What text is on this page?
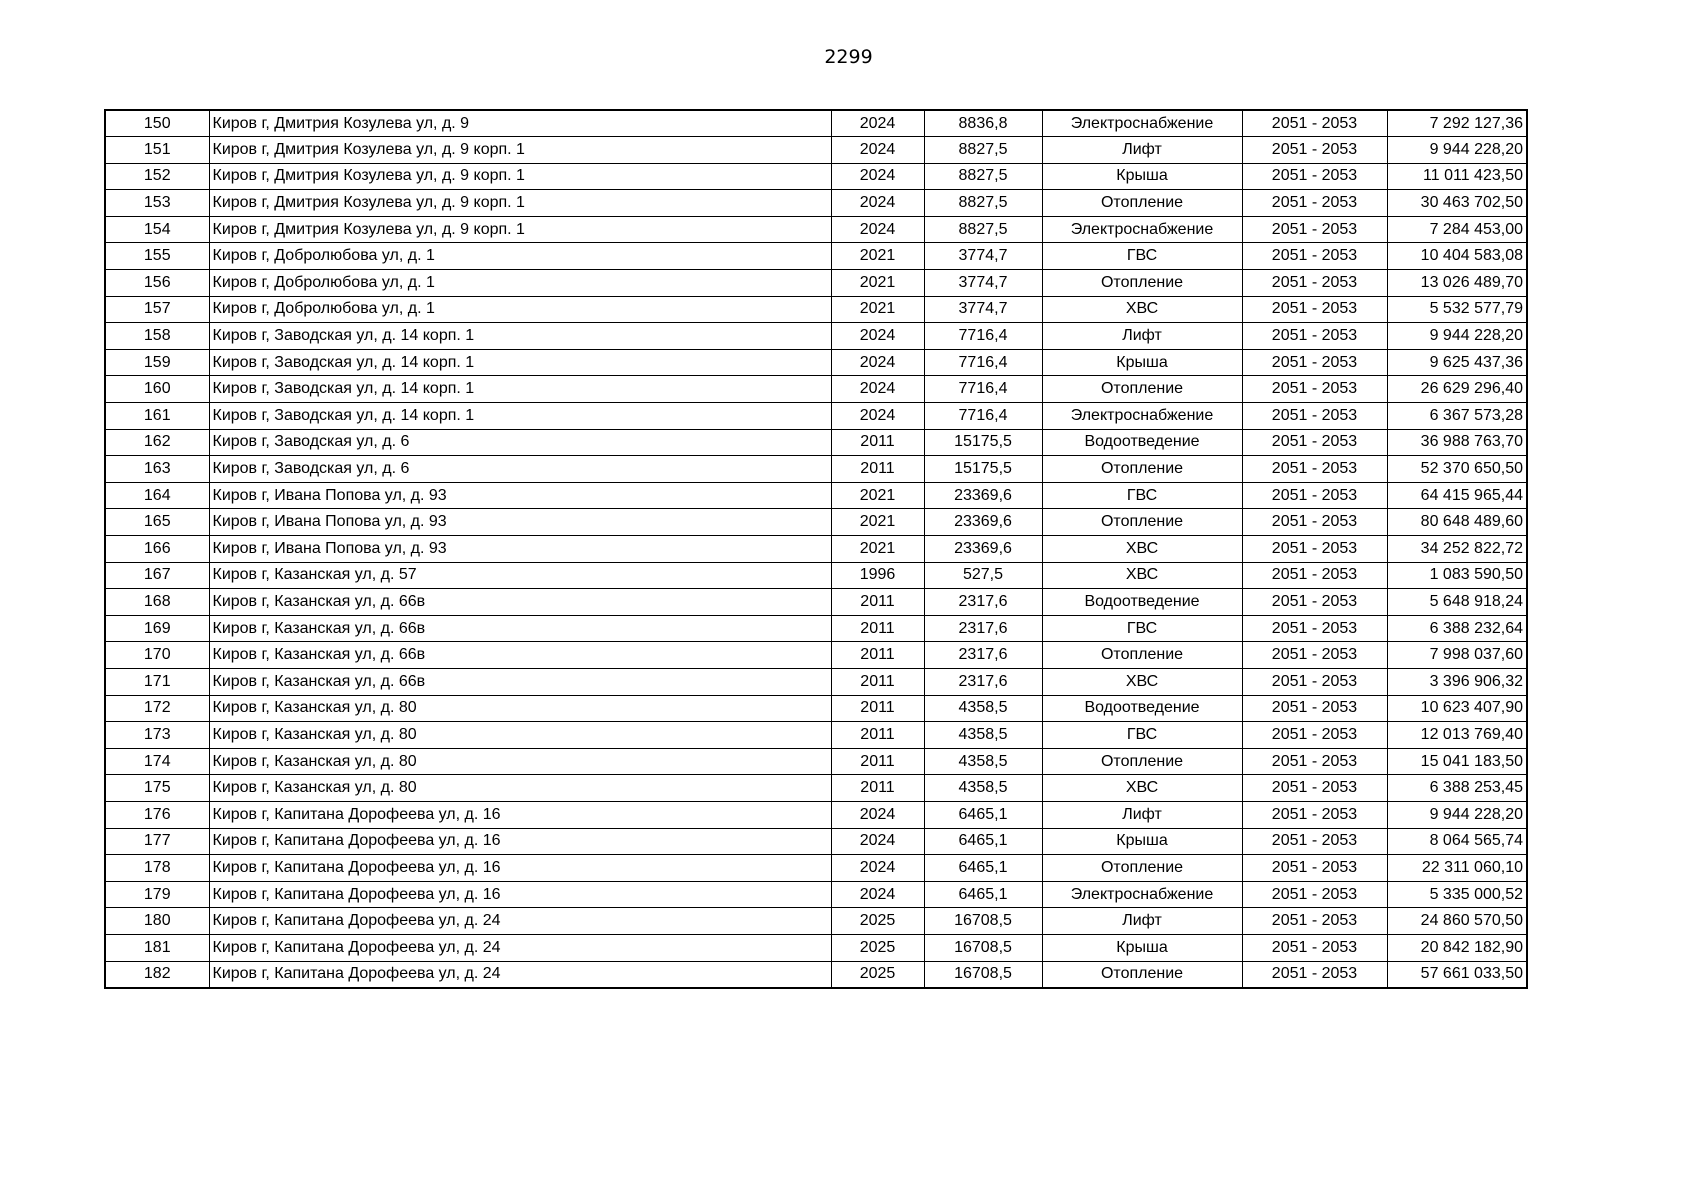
2299
150	Киров г, Дмитрия Козулева ул, д. 9	2024	8836,8	Электроснабжение	2051 - 2053	7 292 127,36
151	Киров г, Дмитрия Козулева ул, д. 9 корп. 1	2024	8827,5	Лифт	2051 - 2053	9 944 228,20
152	Киров г, Дмитрия Козулева ул, д. 9 корп. 1	2024	8827,5	Крыша	2051 - 2053	11 011 423,50
153	Киров г, Дмитрия Козулева ул, д. 9 корп. 1	2024	8827,5	Отопление	2051 - 2053	30 463 702,50
154	Киров г, Дмитрия Козулева ул, д. 9 корп. 1	2024	8827,5	Электроснабжение	2051 - 2053	7 284 453,00
155	Киров г, Добролюбова ул, д. 1	2021	3774,7	ГВС	2051 - 2053	10 404 583,08
156	Киров г, Добролюбова ул, д. 1	2021	3774,7	Отопление	2051 - 2053	13 026 489,70
157	Киров г, Добролюбова ул, д. 1	2021	3774,7	ХВС	2051 - 2053	5 532 577,79
158	Киров г, Заводская ул, д. 14 корп. 1	2024	7716,4	Лифт	2051 - 2053	9 944 228,20
159	Киров г, Заводская ул, д. 14 корп. 1	2024	7716,4	Крыша	2051 - 2053	9 625 437,36
160	Киров г, Заводская ул, д. 14 корп. 1	2024	7716,4	Отопление	2051 - 2053	26 629 296,40
161	Киров г, Заводская ул, д. 14 корп. 1	2024	7716,4	Электроснабжение	2051 - 2053	6 367 573,28
162	Киров г, Заводская ул, д. 6	2011	15175,5	Водоотведение	2051 - 2053	36 988 763,70
163	Киров г, Заводская ул, д. 6	2011	15175,5	Отопление	2051 - 2053	52 370 650,50
164	Киров г, Ивана Попова ул, д. 93	2021	23369,6	ГВС	2051 - 2053	64 415 965,44
165	Киров г, Ивана Попова ул, д. 93	2021	23369,6	Отопление	2051 - 2053	80 648 489,60
166	Киров г, Ивана Попова ул, д. 93	2021	23369,6	ХВС	2051 - 2053	34 252 822,72
167	Киров г, Казанская ул, д. 57	1996	527,5	ХВС	2051 - 2053	1 083 590,50
168	Киров г, Казанская ул, д. 66в	2011	2317,6	Водоотведение	2051 - 2053	5 648 918,24
169	Киров г, Казанская ул, д. 66в	2011	2317,6	ГВС	2051 - 2053	6 388 232,64
170	Киров г, Казанская ул, д. 66в	2011	2317,6	Отопление	2051 - 2053	7 998 037,60
171	Киров г, Казанская ул, д. 66в	2011	2317,6	ХВС	2051 - 2053	3 396 906,32
172	Киров г, Казанская ул, д. 80	2011	4358,5	Водоотведение	2051 - 2053	10 623 407,90
173	Киров г, Казанская ул, д. 80	2011	4358,5	ГВС	2051 - 2053	12 013 769,40
174	Киров г, Казанская ул, д. 80	2011	4358,5	Отопление	2051 - 2053	15 041 183,50
175	Киров г, Казанская ул, д. 80	2011	4358,5	ХВС	2051 - 2053	6 388 253,45
176	Киров г, Капитана Дорофеева ул, д. 16	2024	6465,1	Лифт	2051 - 2053	9 944 228,20
177	Киров г, Капитана Дорофеева ул, д. 16	2024	6465,1	Крыша	2051 - 2053	8 064 565,74
178	Киров г, Капитана Дорофеева ул, д. 16	2024	6465,1	Отопление	2051 - 2053	22 311 060,10
179	Киров г, Капитана Дорофеева ул, д. 16	2024	6465,1	Электроснабжение	2051 - 2053	5 335 000,52
180	Киров г, Капитана Дорофеева ул, д. 24	2025	16708,5	Лифт	2051 - 2053	24 860 570,50
181	Киров г, Капитана Дорофеева ул, д. 24	2025	16708,5	Крыша	2051 - 2053	20 842 182,90
182	Киров г, Капитана Дорофеева ул, д. 24	2025	16708,5	Отопление	2051 - 2053	57 661 033,50
